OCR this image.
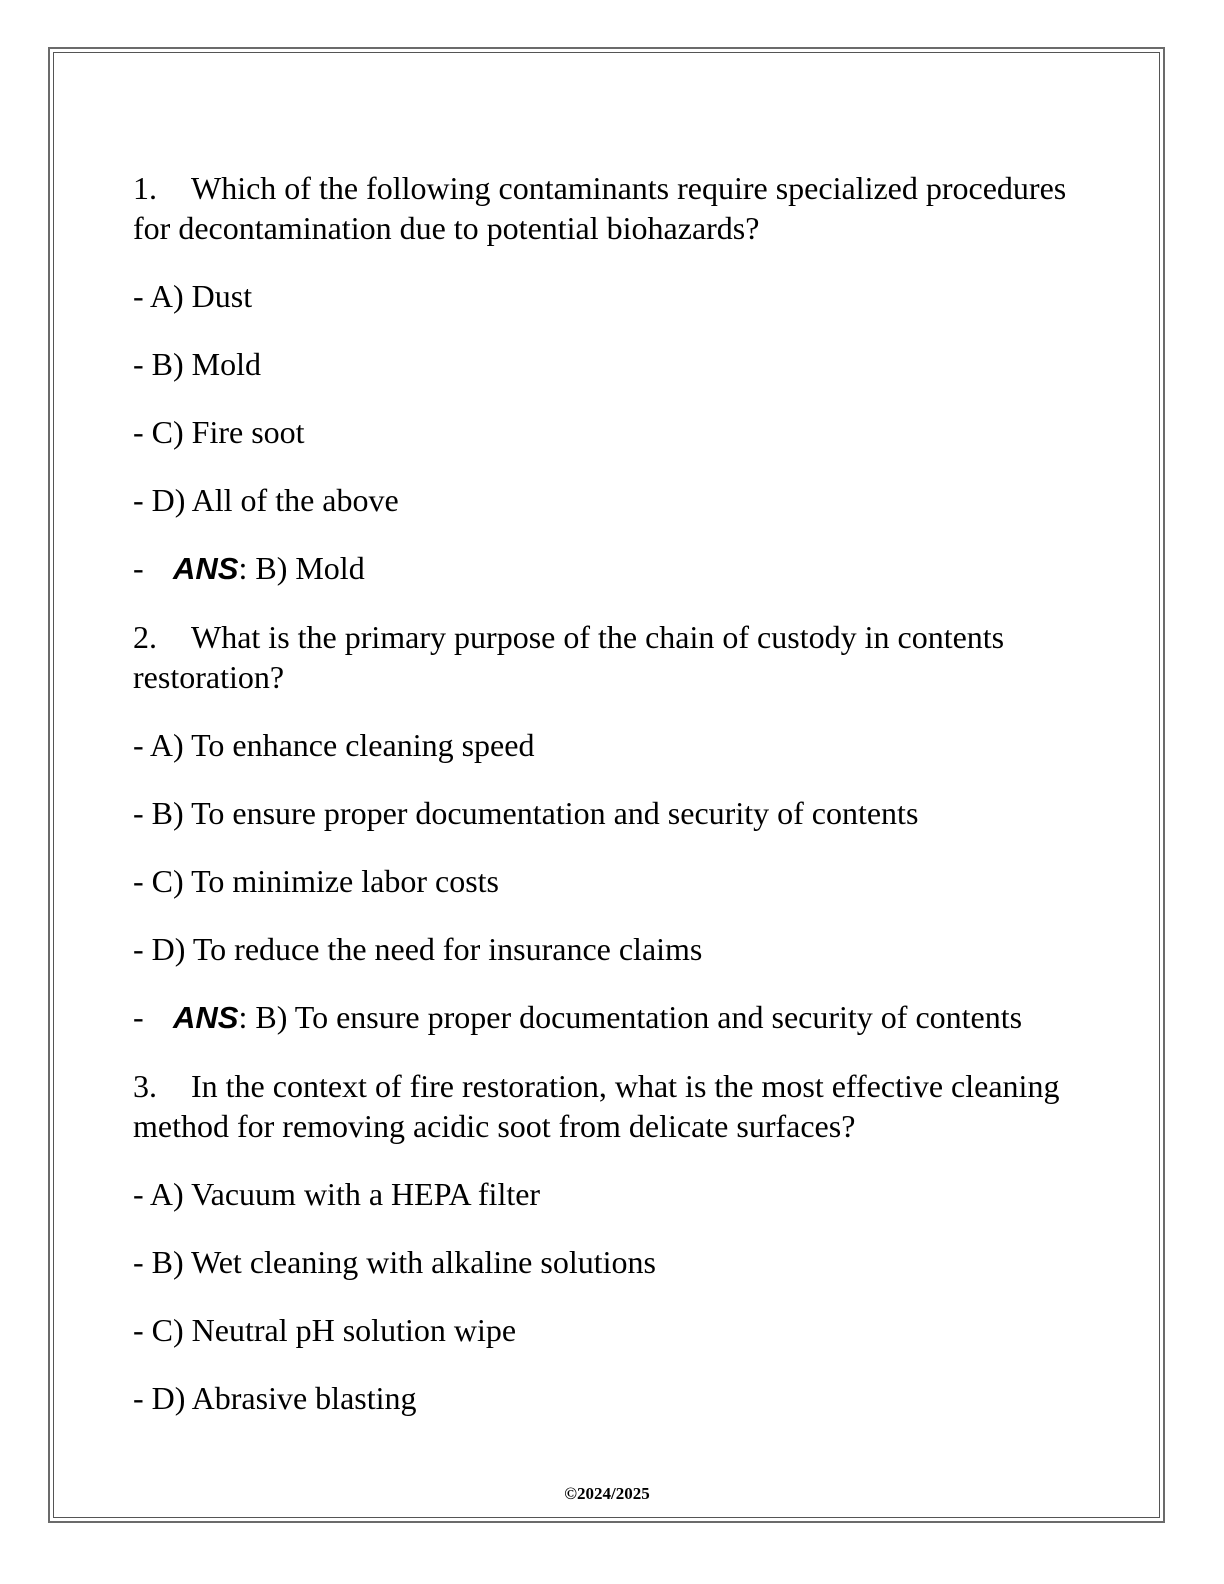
1. Which of the following contaminants require specialized procedures for decontamination due to potential biohazards?
- A) Dust
- B) Mold
- C) Fire soot
- D) All of the above
- ANS: B) Mold
2. What is the primary purpose of the chain of custody in contents restoration?
- A) To enhance cleaning speed
- B) To ensure proper documentation and security of contents
- C) To minimize labor costs
- D) To reduce the need for insurance claims
- ANS: B) To ensure proper documentation and security of contents
3. In the context of fire restoration, what is the most effective cleaning method for removing acidic soot from delicate surfaces?
- A) Vacuum with a HEPA filter
- B) Wet cleaning with alkaline solutions
- C) Neutral pH solution wipe
- D) Abrasive blasting
©2024/2025
